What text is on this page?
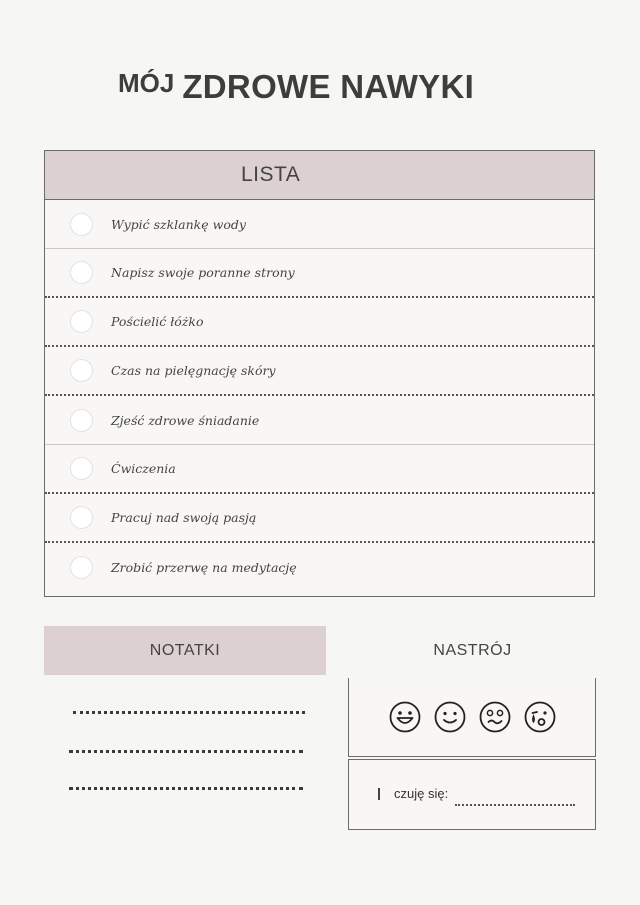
MÓJ ZDROWE NAWYKI
LISTA
Wypić szklankę wody
Napisz swoje poranne strony
Pościelić łóżko
Czas na pielęgnację skóry
Zjeść zdrowe śniadanie
Ćwiczenia
Pracuj nad swoją pasją
Zrobić przerwę na medytację
NOTATKI	NASTRÓJ
czuję się:
